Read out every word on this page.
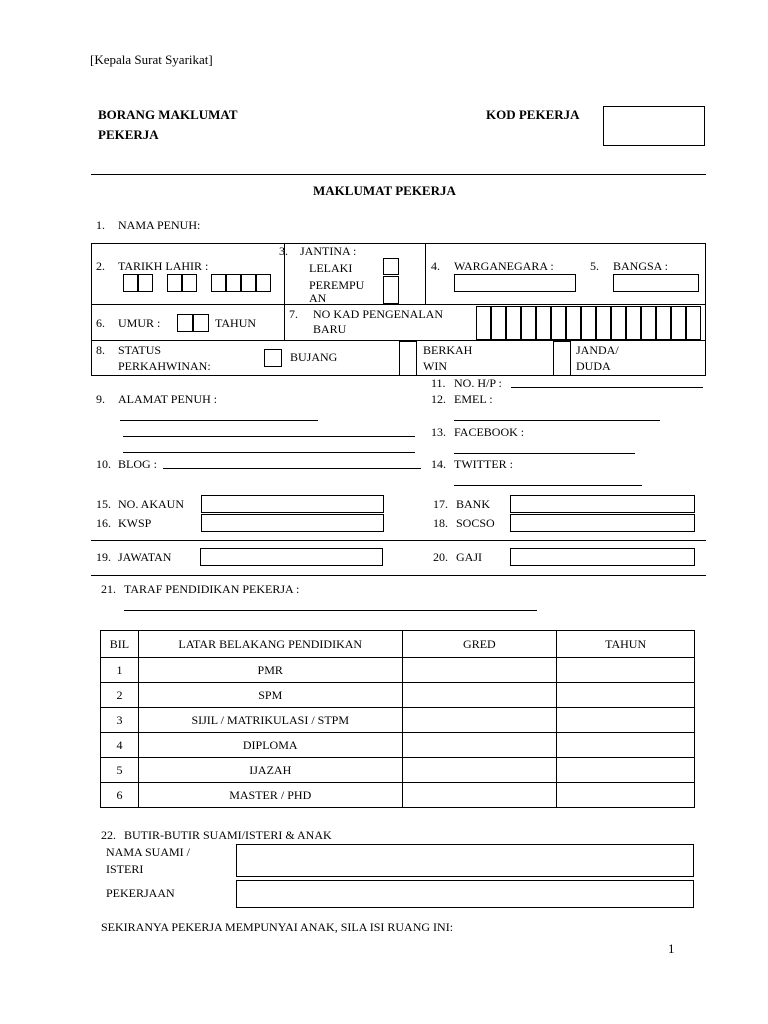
[Kepala Surat Syarikat]
BORANG MAKLUMAT
PEKERJA
KOD PEKERJA
MAKLUMAT PEKERJA
1. NAMA PENUH:
2. TARIKH LAHIR :
3. JANTINA :
LELAKI
PEREMPU
AN
4. WARGANEGARA :	5. BANGSA :
6. UMUR :	TAHUN
7. NO KAD PENGENALAN
BARU
8. STATUS
PERKAHWINAN:
BUJANG	BERKAH
WIN
JANDA/
DUDA
11. NO. H/P :
9. ALAMAT PENUH :	12. EMEL :
13. FACEBOOK :
10. BLOG :	14. TWITTER :
15. NO. AKAUN
16. KWSP
17. BANK
18. SOCSO
19. JAWATAN	20. GAJI
21. TARAF PENDIDIKAN PEKERJA :
BIL	LATAR BELAKANG PENDIDIKAN	GRED	TAHUN
1	PMR		
2	SPM		
3	SIJIL / MATRIKULASI / STPM		
4	DIPLOMA		
5	IJAZAH		
6	MASTER / PHD		
22. BUTIR-BUTIR SUAMI/ISTERI & ANAK
NAMA SUAMI /
ISTERI
PEKERJAAN
SEKIRANYA PEKERJA MEMPUNYAI ANAK, SILA ISI RUANG INI:
1
